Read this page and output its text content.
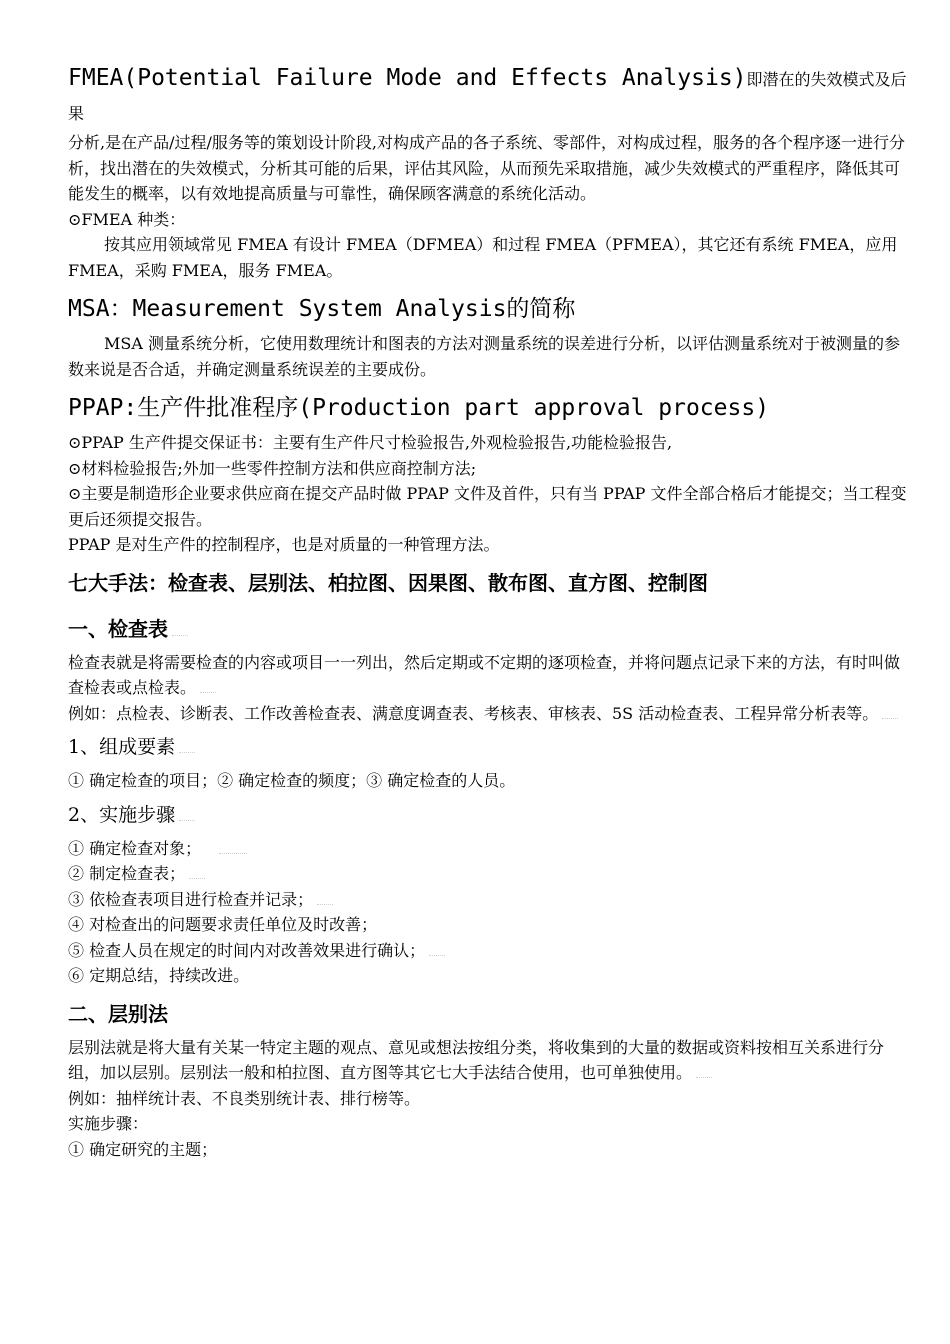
FMEA(Potential Failure Mode and Effects Analysis)即潜在的失效模式及后果

分析,是在产品/过程/服务等的策划设计阶段,对构成产品的各子系统、零部件，对构成过程，服务的各个程序逐一进行分析，找出潜在的失效模式，分析其可能的后果，评估其风险，从而预先采取措施，减少失效模式的严重程序，降低其可能发生的概率，以有效地提高质量与可靠性，确保顾客满意的系统化活动。

⊙FMEA 种类：

按其应用领域常见 FMEA 有设计 FMEA（DFMEA）和过程 FMEA（PFMEA），其它还有系统 FMEA，应用 FMEA，采购 FMEA，服务 FMEA。

MSA：Measurement System Analysis的简称

MSA 测量系统分析，它使用数理统计和图表的方法对测量系统的误差进行分析，以评估测量系统对于被测量的参数来说是否合适，并确定测量系统误差的主要成份。

PPAP:生产件批准程序(Production part approval process)

⊙PPAP 生产件提交保证书：主要有生产件尺寸检验报告,外观检验报告,功能检验报告,

⊙材料检验报告;外加一些零件控制方法和供应商控制方法;

⊙主要是制造形企业要求供应商在提交产品时做 PPAP 文件及首件，只有当 PPAP 文件全部合格后才能提交；当工程变更后还须提交报告。

PPAP 是对生产件的控制程序，也是对质量的一种管理方法。

七大手法：检查表、层别法、柏拉图、因果图、散布图、直方图、控制图

一、检查表

检查表就是将需要检查的内容或项目一一列出，然后定期或不定期的逐项检查，并将问题点记录下来的方法，有时叫做查检表或点检表。

例如：点检表、诊断表、工作改善检查表、满意度调查表、考核表、审核表、5S 活动检查表、工程异常分析表等。

1、组成要素

① 确定检查的项目；② 确定检查的频度；③ 确定检查的人员。

2、实施步骤

① 确定检查对象；

② 制定检查表；

③ 依检查表项目进行检查并记录；

④ 对检查出的问题要求责任单位及时改善；

⑤ 检查人员在规定的时间内对改善效果进行确认；

⑥ 定期总结，持续改进。

二、层别法

层别法就是将大量有关某一特定主题的观点、意见或想法按组分类，将收集到的大量的数据或资料按相互关系进行分组，加以层别。层别法一般和柏拉图、直方图等其它七大手法结合使用，也可单独使用。

例如：抽样统计表、不良类别统计表、排行榜等。

实施步骤：

① 确定研究的主题；
